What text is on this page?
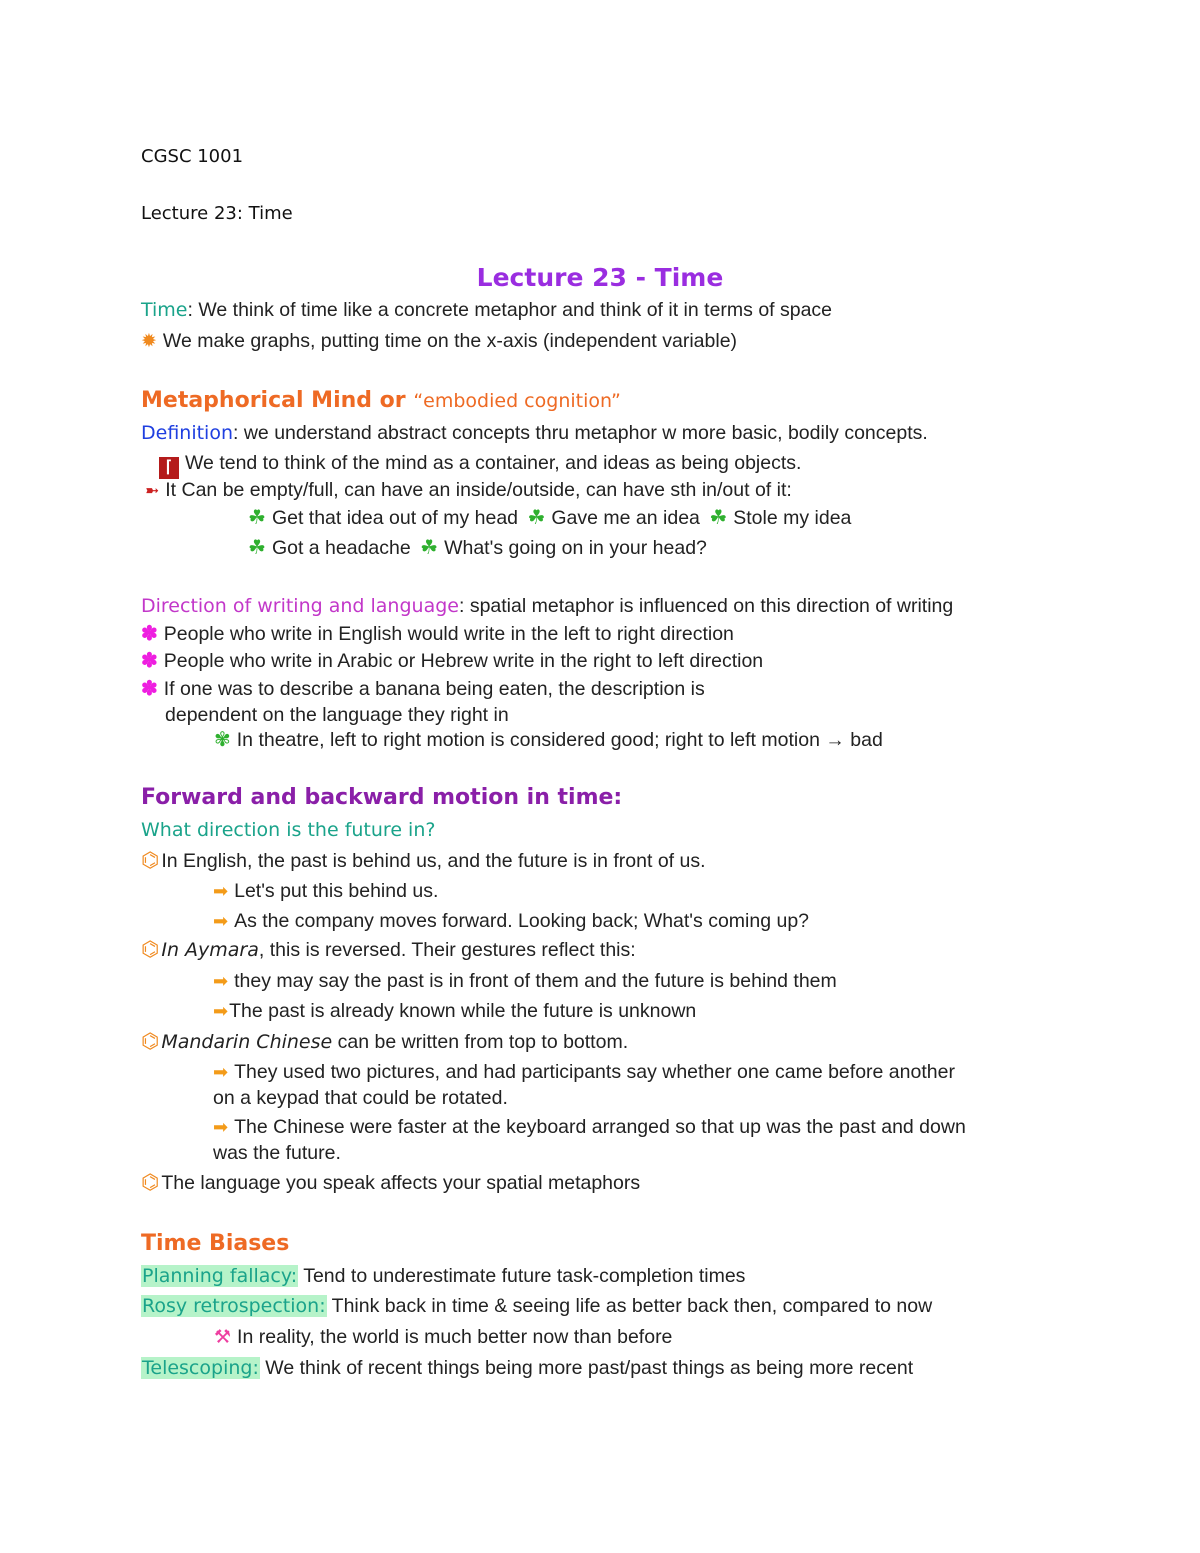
CGSC 1001
Lecture 23: Time
Lecture 23 - Time
Time: We think of time like a concrete metaphor and think of it in terms of space
✹ We make graphs, putting time on the x-axis (independent variable)
Metaphorical Mind or “embodied cognition”
Definition: we understand abstract concepts thru metaphor w more basic, bodily concepts.
⌈ We tend to think of the mind as a container, and ideas as being objects.
➼ It Can be empty/full, can have an inside/outside, can have sth in/out of it:
☘ Get that idea out of my head ☘ Gave me an idea ☘ Stole my idea
☘ Got a headache ☘ What's going on in your head?
Direction of writing and language: spatial metaphor is influenced on this direction of writing
✽ People who write in English would write in the left to right direction
✽ People who write in Arabic or Hebrew write in the right to left direction
✽ If one was to describe a banana being eaten, the description is
dependent on the language they right in
✾ In theatre, left to right motion is considered good; right to left motion → bad
Forward and backward motion in time:
What direction is the future in?
⌬ In English, the past is behind us, and the future is in front of us.
➡ Let's put this behind us.
➡ As the company moves forward. Looking back; What's coming up?
⌬ In Aymara, this is reversed. Their gestures reflect this:
➡ they may say the past is in front of them and the future is behind them
➡The past is already known while the future is unknown
⌬ Mandarin Chinese can be written from top to bottom.
➡ They used two pictures, and had participants say whether one came before another
on a keypad that could be rotated.
➡ The Chinese were faster at the keyboard arranged so that up was the past and down
was the future.
⌬ The language you speak affects your spatial metaphors
Time Biases
Planning fallacy: Tend to underestimate future task-completion times
Rosy retrospection: Think back in time & seeing life as better back then, compared to now
⚒ In reality, the world is much better now than before
Telescoping: We think of recent things being more past/past things as being more recent
